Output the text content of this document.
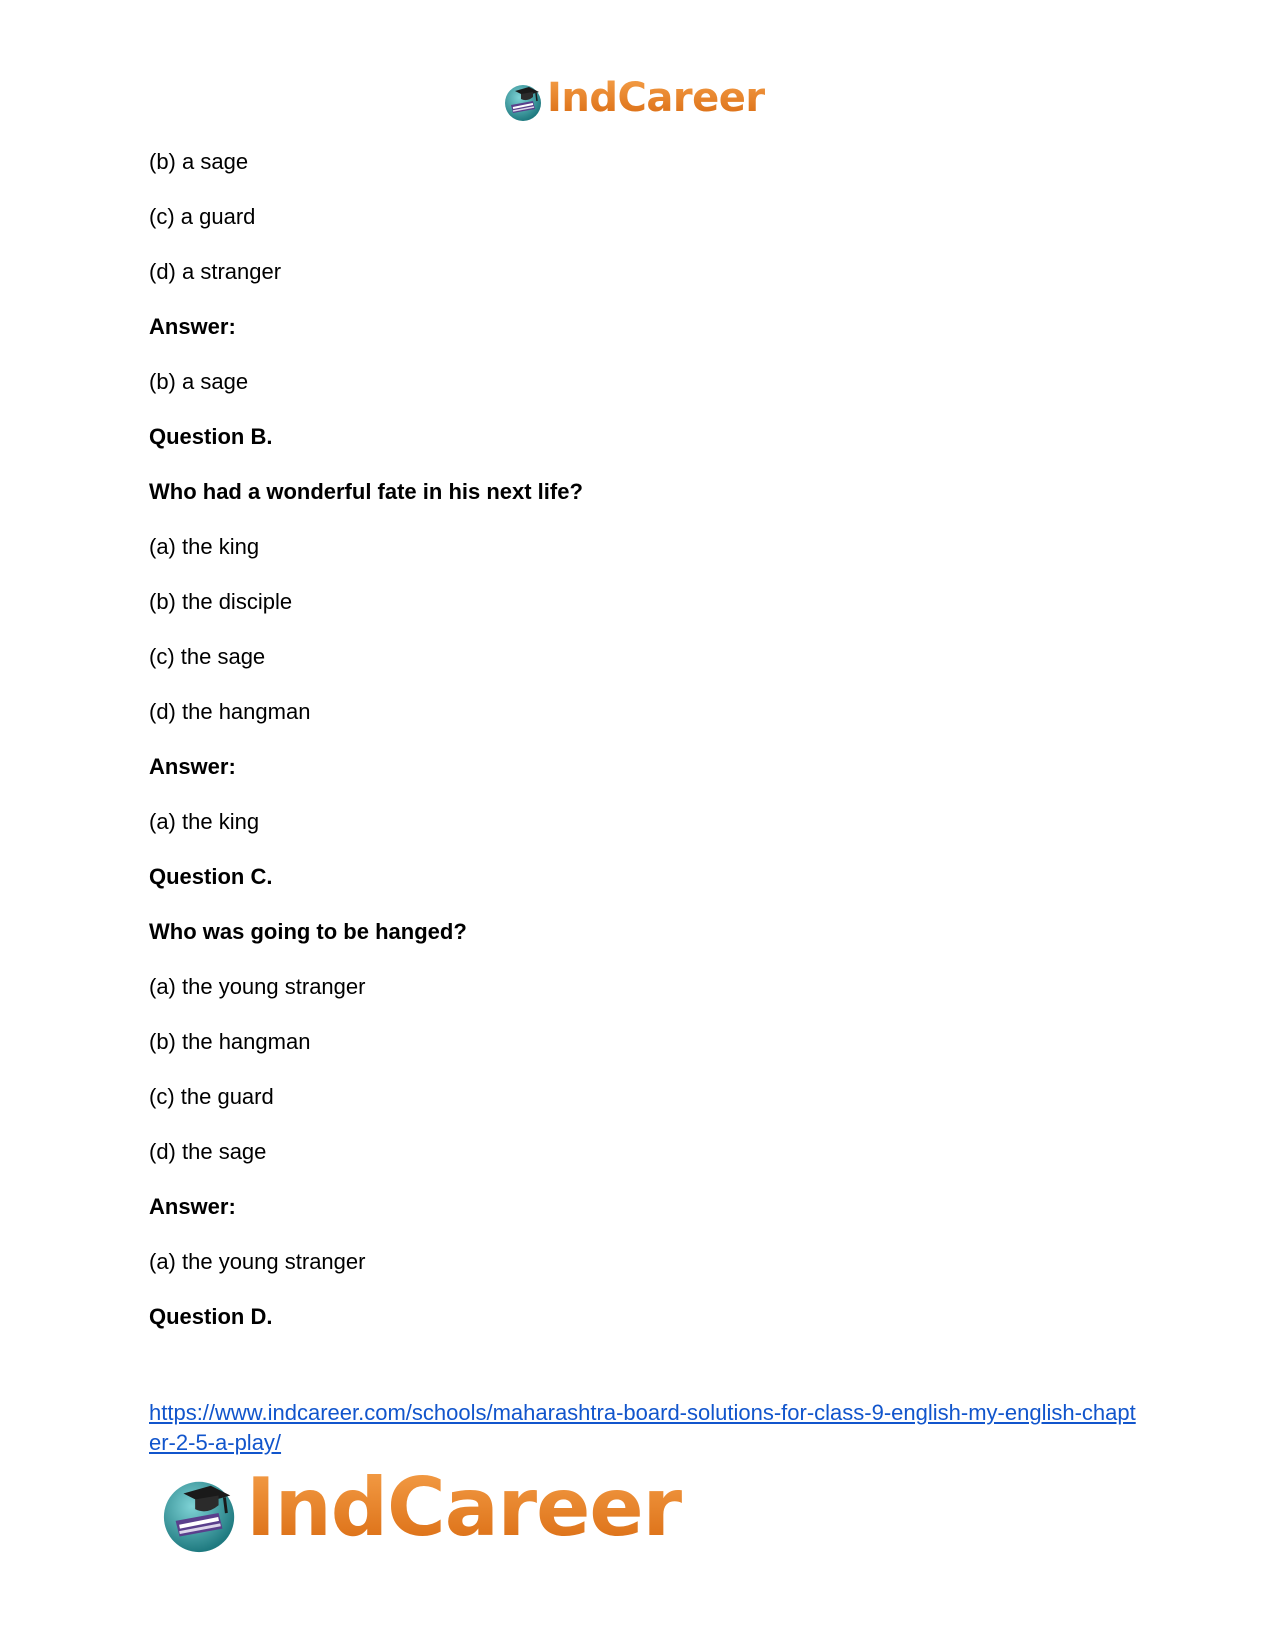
IndCareer
(b) a sage
(c) a guard
(d) a stranger
Answer:
(b) a sage
Question B.
Who had a wonderful fate in his next life?
(a) the king
(b) the disciple
(c) the sage
(d) the hangman
Answer:
(a) the king
Question C.
Who was going to be hanged?
(a) the young stranger
(b) the hangman
(c) the guard
(d) the sage
Answer:
(a) the young stranger
Question D.
https://www.indcareer.com/schools/maharashtra-board-solutions-for-class-9-english-my-english-chapter-2-5-a-play/
IndCareer
